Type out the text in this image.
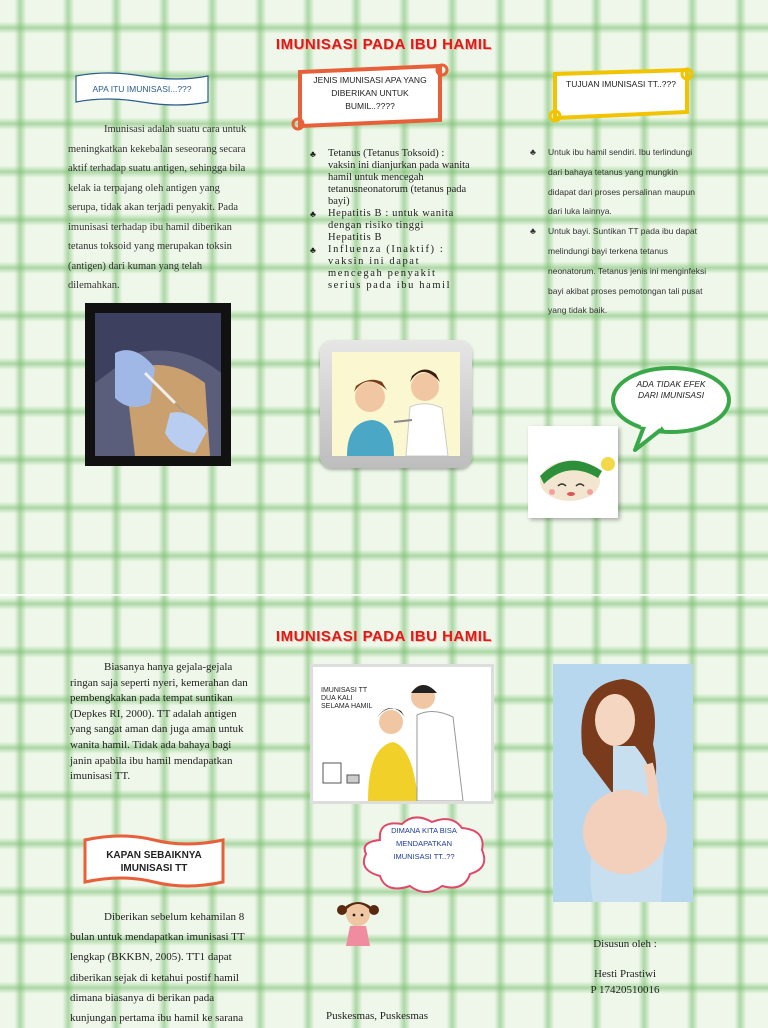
IMUNISASI PADA IBU HAMIL
APA ITU IMUNISASI...???
Imunisasi adalah suatu cara untuk meningkatkan kekebalan seseorang secara aktif terhadap suatu antigen, sehingga bila kelak ia terpajang oleh antigen yang serupa, tidak akan terjadi penyakit. Pada imunisasi terhadap ibu hamil diberikan tetanus toksoid yang merupakan toksin (antigen) dari kuman yang telah dilemahkan.
JENIS IMUNISASI APA YANG DIBERIKAN UNTUK BUMIL..????
♣ Tetanus (Tetanus Toksoid) : vaksin ini dianjurkan pada wanita hamil untuk mencegah tetanusneonatorum (tetanus pada bayi)
♣ Hepatitis B : untuk wanita dengan risiko tinggi Hepatitis B
♣ Influenza (Inaktif) : vaksin ini dapat mencegah penyakit serius pada ibu hamil
TUJUAN IMUNISASI TT..???
♣ Untuk ibu hamil sendiri. Ibu terlindungi dari bahaya tetanus yang mungkin didapat dari proses persalinan maupun dari luka lainnya.
♣ Untuk bayi. Suntikan TT pada ibu dapat melindungi bayi terkena tetanus neonatorum. Tetanus jenis ini menginfeksi bayi akibat proses pemotongan tali pusat yang tidak baik.
ADA TIDAK EFEK DARI IMUNISASI
IMUNISASI PADA IBU HAMIL
Biasanya hanya gejala-gejala ringan saja seperti nyeri, kemerahan dan pembengkakan pada tempat suntikan (Depkes RI, 2000). TT adalah antigen yang sangat aman dan juga aman untuk wanita hamil. Tidak ada bahaya bagi janin apabila ibu hamil mendapatkan imunisasi TT.
IMUNISASI TT DUA KALI SELAMA HAMIL
KAPAN SEBAIKNYA IMUNISASI TT
DIMANA KITA BISA MENDAPATKAN IMUNISASI TT..??
Diberikan sebelum kehamilan 8 bulan untuk mendapatkan imunisasi TT lengkap (BKKBN, 2005). TT1 dapat diberikan sejak di ketahui postif hamil dimana biasanya di berikan pada kunjungan pertama ibu hamil ke sarana	Puskesmas, Puskesmas
Disusun oleh :
Hesti Prastiwi
P 17420510016
